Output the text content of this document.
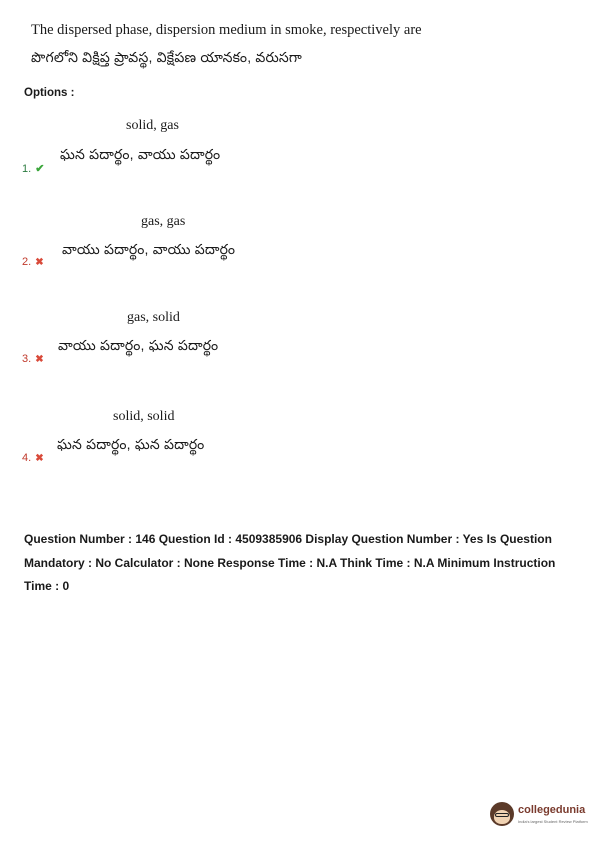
The dispersed phase, dispersion medium in smoke, respectively are
పొగలోని విక్షిప్త ప్రావస్థ, విక్షేపణ యానకం, వరుసగా
Options :
solid, gas
ఘన పదార్థం, వాయు పదార్థం
1. ✔
gas, gas
వాయు పదార్థం, వాయు పదార్థం
2. ✖
gas, solid
వాయు పదార్థం, ఘన పదార్థం
3. ✖
solid, solid
ఘన పదార్థం, ఘన పదార్థం
4. ✖
Question Number : 146 Question Id : 4509385906 Display Question Number : Yes Is Question Mandatory : No Calculator : None Response Time : N.A Think Time : N.A Minimum Instruction Time : 0
collegedunia
India's largest Student Review Platform
